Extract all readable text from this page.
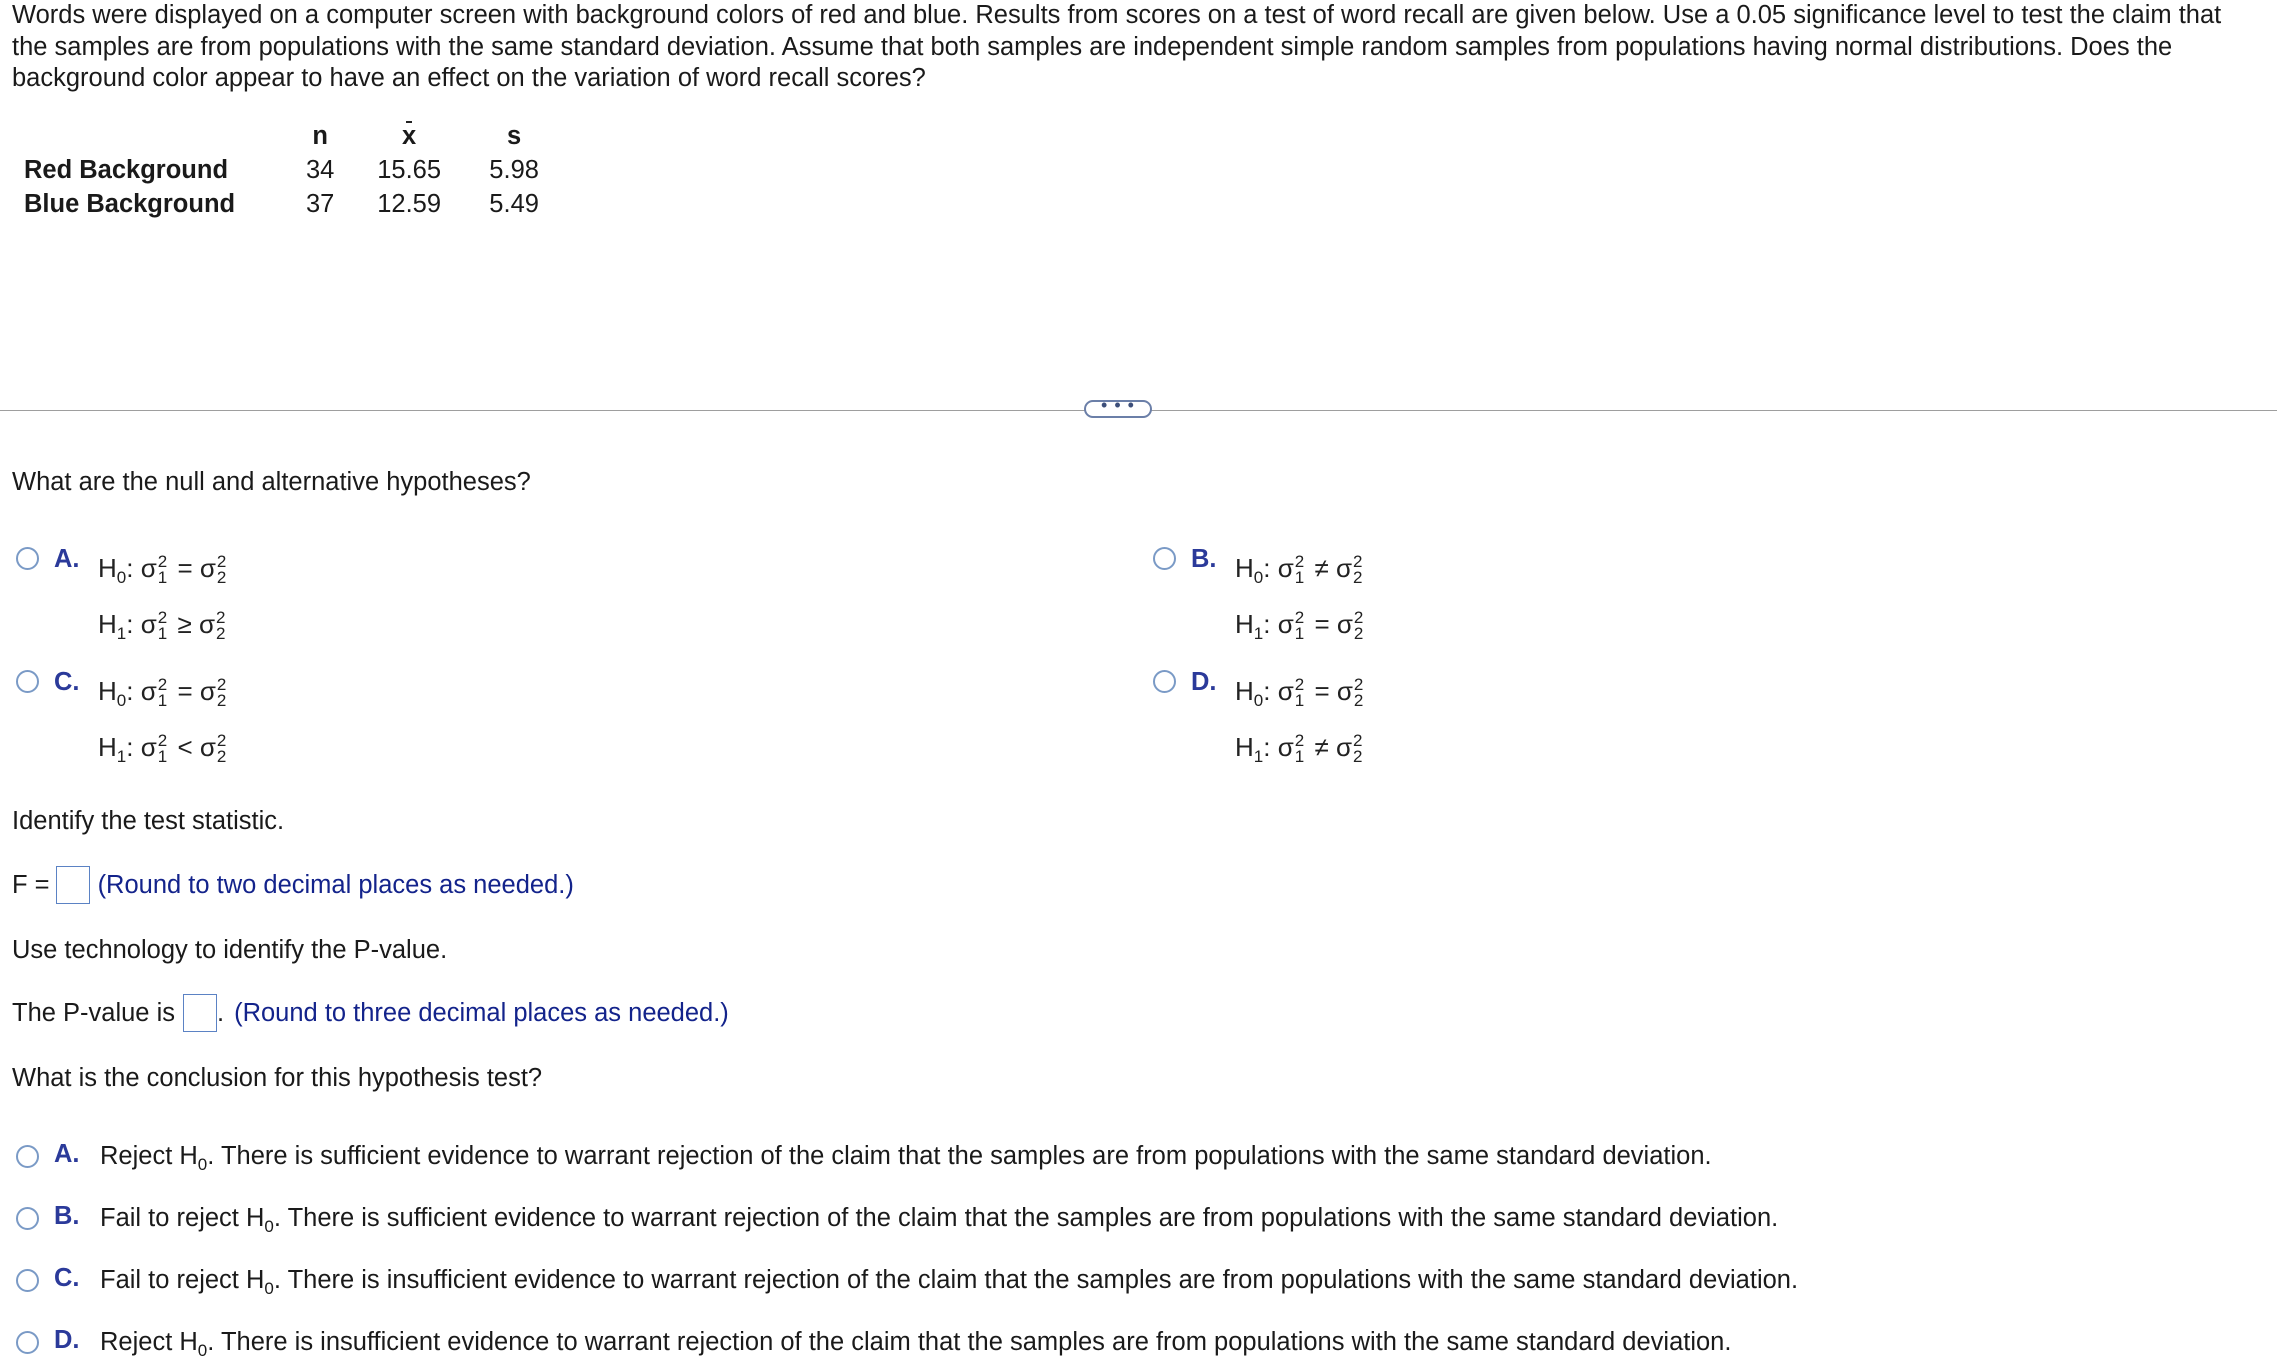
Words were displayed on a computer screen with background colors of red and blue. Results from scores on a test of word recall are given below. Use a 0.05 significance level to test the claim that the samples are from populations with the same standard deviation. Assume that both samples are independent simple random samples from populations having normal distributions. Does the background color appear to have an effect on the variation of word recall scores?
	n	x	s
Red Background	34	15.65	5.98
Blue Background	37	12.59	5.49
• • •
What are the null and alternative hypotheses?
A. $H_0$: σ 2
1 = σ 2
2
$H_1$: σ 2
1 ≥ σ 2
2
B. $H_0$: σ 2
1 ≠ σ 2
2
$H_1$: σ 2
1 = σ 2
2
C. $H_0$: σ 2
1 = σ 2
2
$H_1$: σ 2
1 < σ 2
2
D. $H_0$: σ 2
1 = σ 2
2
$H_1$: σ 2
1 ≠ σ 2
2
Identify the test statistic.
F = (Round to two decimal places as needed.)
Use technology to identify the P-value.
The P-value is . (Round to three decimal places as needed.)
What is the conclusion for this hypothesis test?
A. Reject $H_0$. There is sufficient evidence to warrant rejection of the claim that the samples are from populations with the same standard deviation.
B. Fail to reject $H_0$. There is sufficient evidence to warrant rejection of the claim that the samples are from populations with the same standard deviation.
C. Fail to reject $H_0$. There is insufficient evidence to warrant rejection of the claim that the samples are from populations with the same standard deviation.
D. Reject $H_0$. There is insufficient evidence to warrant rejection of the claim that the samples are from populations with the same standard deviation.
